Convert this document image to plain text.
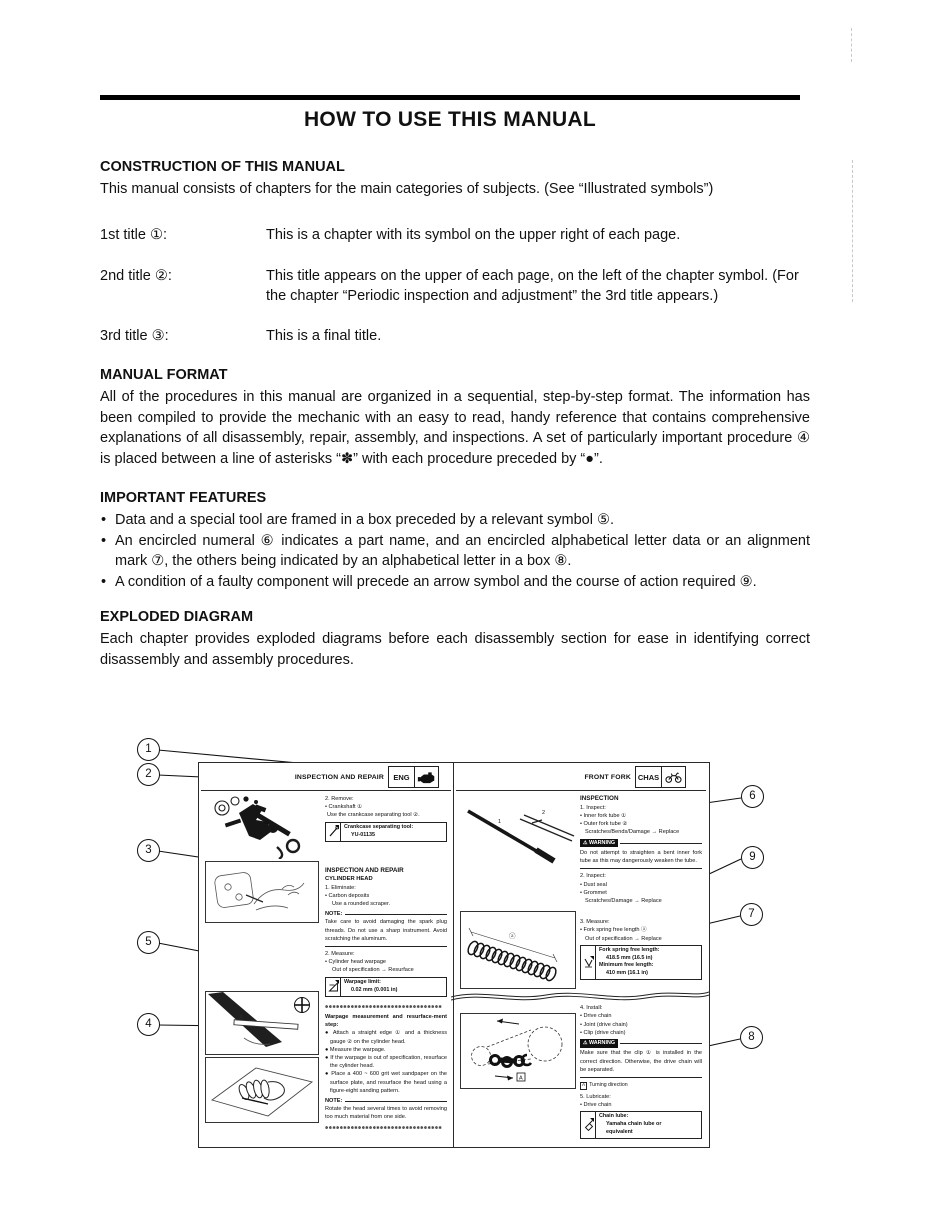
HOW TO USE THIS MANUAL
CONSTRUCTION OF THIS MANUAL

This manual consists of chapters for the main categories of subjects. (See “Illustrated symbols”)

1st title ①:	This is a chapter with its symbol on the upper right of each page.
2nd title ②:	This title appears on the upper of each page, on the left of the chapter symbol. (For the chapter “Periodic inspection and adjustment” the 3rd title appears.)
3rd title ③:	This is a final title.
MANUAL FORMAT

All of the procedures in this manual are organized in a sequential, step-by-step format. The information has been compiled to provide the mechanic with an easy to read, handy reference that contains comprehensive explanations of all disassembly, repair, assembly, and inspections. A set of particularly important procedure ④ is placed between a line of asterisks “✽” with each procedure preceded by “●”.

IMPORTANT FEATURES
• Data and a special tool are framed in a box preceded by a relevant symbol ⑤.
• An encircled numeral ⑥ indicates a part name, and an encircled alphabetical letter data or an alignment mark ⑦, the others being indicated by an alphabetical letter in a box ⑧.
• A condition of a faulty component will precede an arrow symbol and the course of action required ⑨.
EXPLODED DIAGRAM

Each chapter provides exploded diagrams before each disassembly section for ease in identifying correct disassembly and assembly procedures.

1
2
3
5
4
6
9
7
8
INSPECTION AND REPAIR	ENG
②
2
2. Remove:
• Crankshaft ①
Use the crankcase separating tool ②.
Crankcase separating tool:
YU-01135
INSPECTION AND REPAIR
CYLINDER HEAD
1. Eliminate:
• Carbon deposits
Use a rounded scraper.
NOTE:
Take care to avoid damaging the spark plug threads. Do not use a sharp instrument. Avoid scratching the aluminum.
2. Measure:
• Cylinder head warpage
Out of specification → Resurface
Warpage limit:
0.02 mm (0.001 in)
✽✽✽✽✽✽✽✽✽✽✽✽✽✽✽✽✽✽✽✽✽✽✽✽✽✽✽✽✽✽✽✽
Warpage measurement and resurface-ment step:
● Attach a straight edge ① and a thickness gauge ② on the cylinder head.
● Measure the warpage.
● If the warpage is out of specification, resurface the cylinder head.
● Place a 400 ~ 600 grit wet sandpaper on the surface plate, and resurface the head using a figure-eight sanding pattern.
NOTE:
Rotate the head several times to avoid removing too much material from one side.
✽✽✽✽✽✽✽✽✽✽✽✽✽✽✽✽✽✽✽✽✽✽✽✽✽✽✽✽✽✽✽✽
FRONT FORK CHAS
1
2
ⓐ
A
INSPECTION
1. Inspect:
• Inner fork tube ①
• Outer fork tube ②
Scratches/Bends/Damage → Replace
⚠ WARNING
Do not attempt to straighten a bent inner fork tube as this may dangerously weaken the tube.
2. Inspect:
• Dust seal
• Grommet
Scratches/Damage → Replace
3. Measure:
• Fork spring free length ⓐ
Out of specification → Replace
Fork spring free length:
418.5 mm (16.5 in)
Minimum free length:
410 mm (16.1 in)
4. Install:
• Drive chain
• Joint (drive chain)
• Clip (drive chain)
⚠ WARNING
Make sure that the clip ① is installed in the correct direction. Otherwise, the drive chain will be separated.
A Turning direction
5. Lubricate:
• Drive chain
Chain lube:
Yamaha chain lube or
equivalent
